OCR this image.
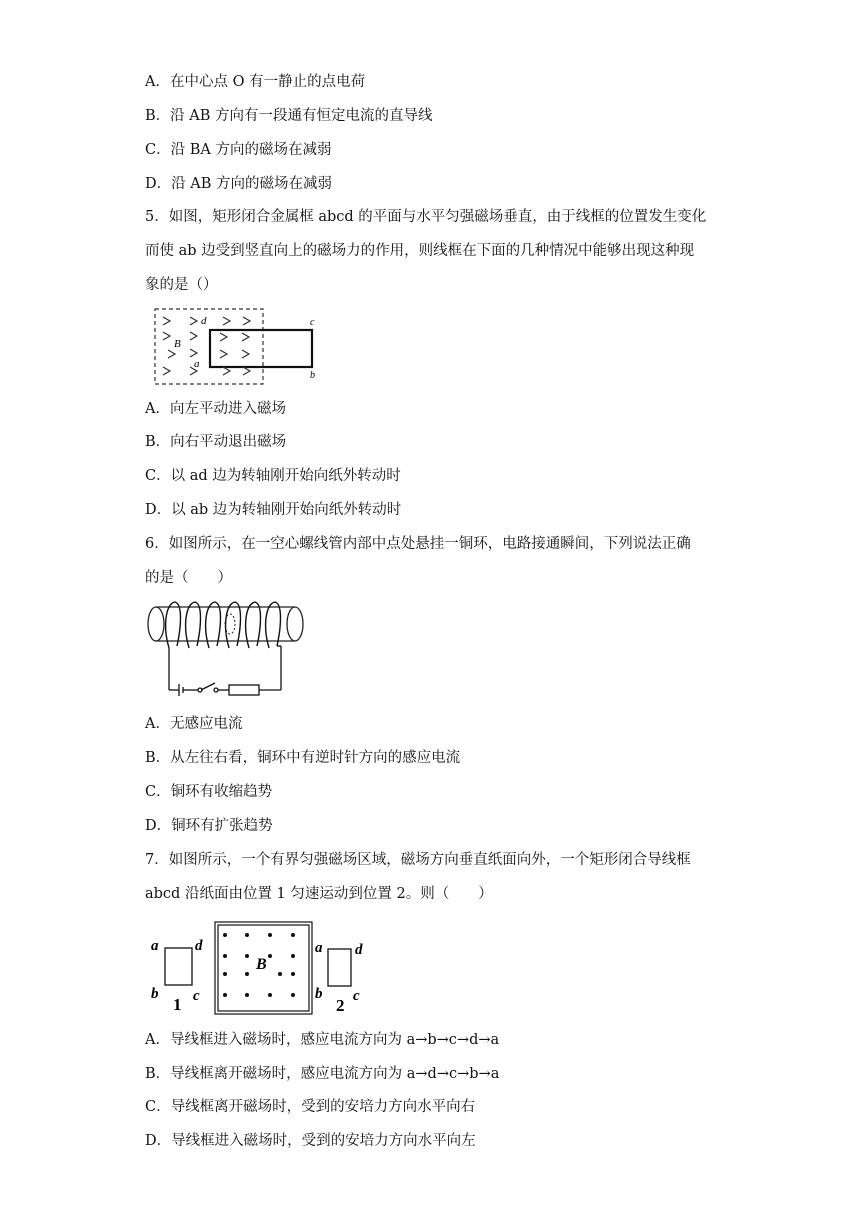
A．在中心点 O 有一静止的点电荷
B．沿 AB 方向有一段通有恒定电流的直导线
C．沿 BA 方向的磁场在减弱
D．沿 AB 方向的磁场在减弱
5．如图，矩形闭合金属框 abcd 的平面与水平匀强磁场垂直，由于线框的位置发生变化
而使 ab 边受到竖直向上的磁场力的作用，则线框在下面的几种情况中能够出现这种现
象的是（）
d	c
B
a
b
A．向左平动进入磁场
B．向右平动退出磁场
C．以 ad 边为转轴刚开始向纸外转动时
D．以 ab 边为转轴刚开始向纸外转动时
6．如图所示，在一空心螺线管内部中点处悬挂一铜环，电路接通瞬间，下列说法正确
的是（　　）
A．无感应电流
B．从左往右看，铜环中有逆时针方向的感应电流
C．铜环有收缩趋势
D．铜环有扩张趋势
7．如图所示，一个有界匀强磁场区域，磁场方向垂直纸面向外，一个矩形闭合导线框
abcd 沿纸面由位置 1 匀速运动到位置 2。则（　　）
a d
b c
1
B
a d
b c
2
A．导线框进入磁场时，感应电流方向为 a→b→c→d→a
B．导线框离开磁场时，感应电流方向为 a→d→c→b→a
C．导线框离开磁场时，受到的安培力方向水平向右
D．导线框进入磁场时，受到的安培力方向水平向左
